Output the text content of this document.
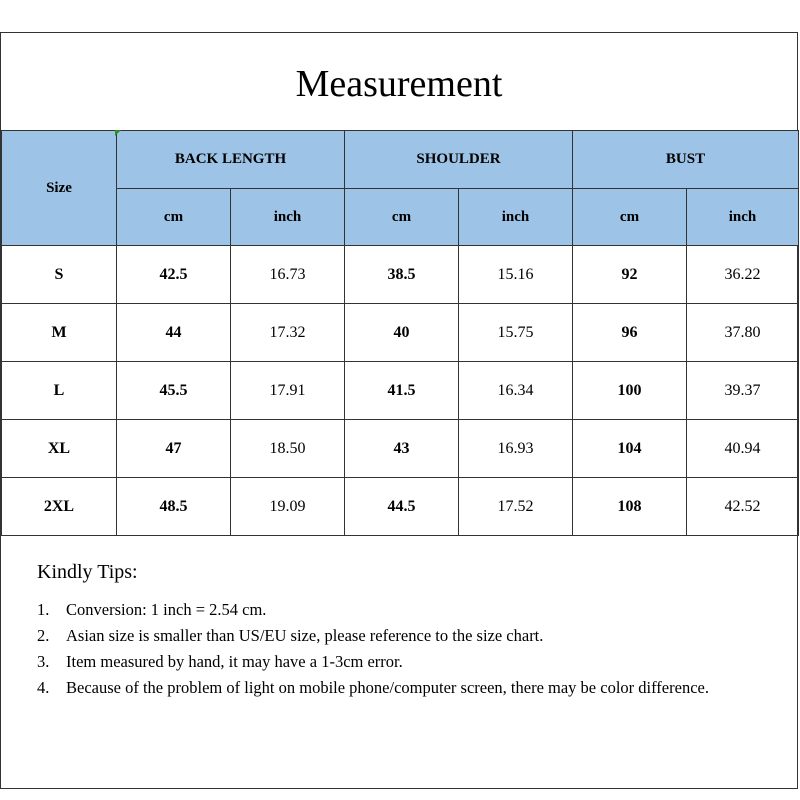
Measurement
Size	BACK LENGTH		SHOULDER		BUST	
	cm	inch	cm	inch	cm	inch
S	42.5	16.73	38.5	15.16	92	36.22
M	44	17.32	40	15.75	96	37.80
L	45.5	17.91	41.5	16.34	100	39.37
XL	47	18.50	43	16.93	104	40.94
2XL	48.5	19.09	44.5	17.52	108	42.52
Kindly Tips:
1. Conversion: 1 inch = 2.54 cm.
2. Asian size is smaller than US/EU size, please reference to the size chart.
3. Item measured by hand, it may have a 1-3cm error.
4. Because of the problem of light on mobile phone/computer screen, there may be color difference.
